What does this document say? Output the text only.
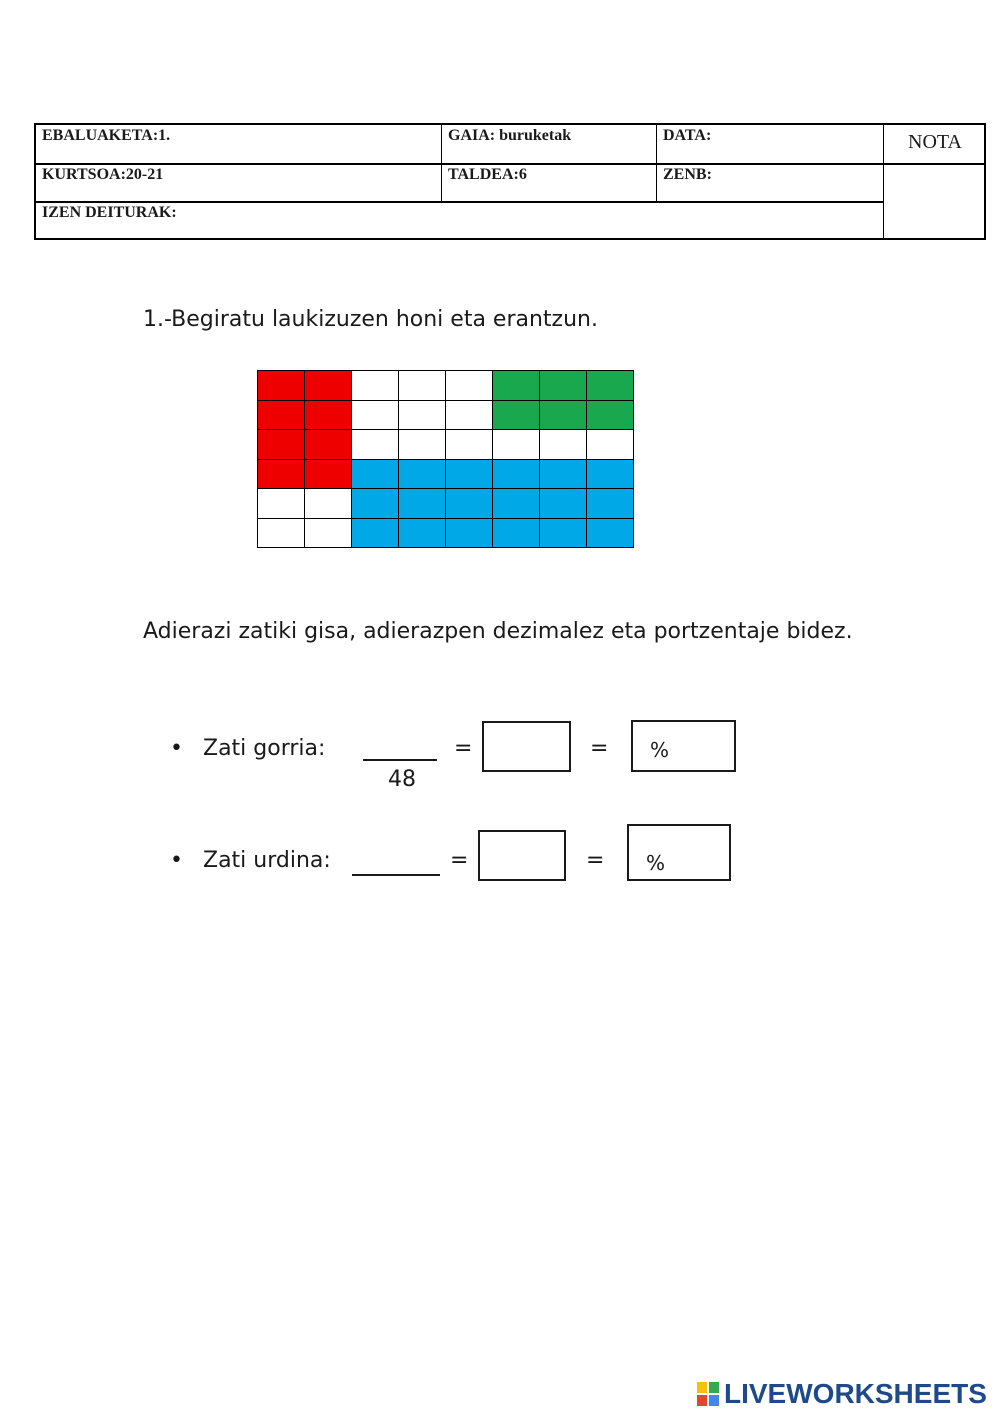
EBALUAKETA:1.	GAIA: buruketak	DATA:	NOTA
KURTSOA:20-21	TALDEA:6	ZENB:
IZEN DEITURAK:
1.-Begiratu laukizuzen honi eta erantzun.
Adierazi zatiki gisa, adierazpen dezimalez eta portzentaje bidez.
• Zati gorria:
48
=	= %
• Zati urdina:	=	= %
LIVEWORKSHEETS
